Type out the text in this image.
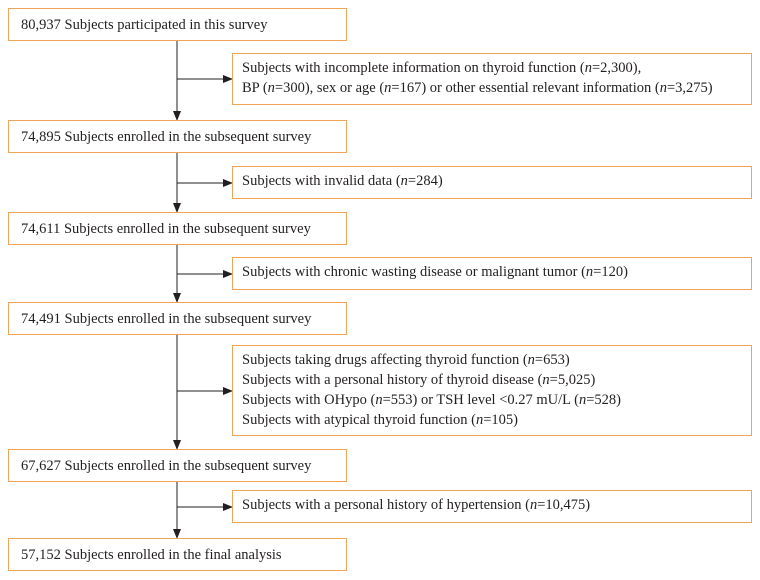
80,937 Subjects participated in this survey
74,895 Subjects enrolled in the subsequent survey
74,611 Subjects enrolled in the subsequent survey
74,491 Subjects enrolled in the subsequent survey
67,627 Subjects enrolled in the subsequent survey
57,152 Subjects enrolled in the final analysis
Subjects with incomplete information on thyroid function (n=2,300),
BP (n=300), sex or age (n=167) or other essential relevant information (n=3,275)
Subjects with invalid data (n=284)
Subjects with chronic wasting disease or malignant tumor (n=120)
Subjects taking drugs affecting thyroid function (n=653)
Subjects with a personal history of thyroid disease (n=5,025)
Subjects with OHypo (n=553) or TSH level <0.27 mU/L (n=528)
Subjects with atypical thyroid function (n=105)
Subjects with a personal history of hypertension (n=10,475)
